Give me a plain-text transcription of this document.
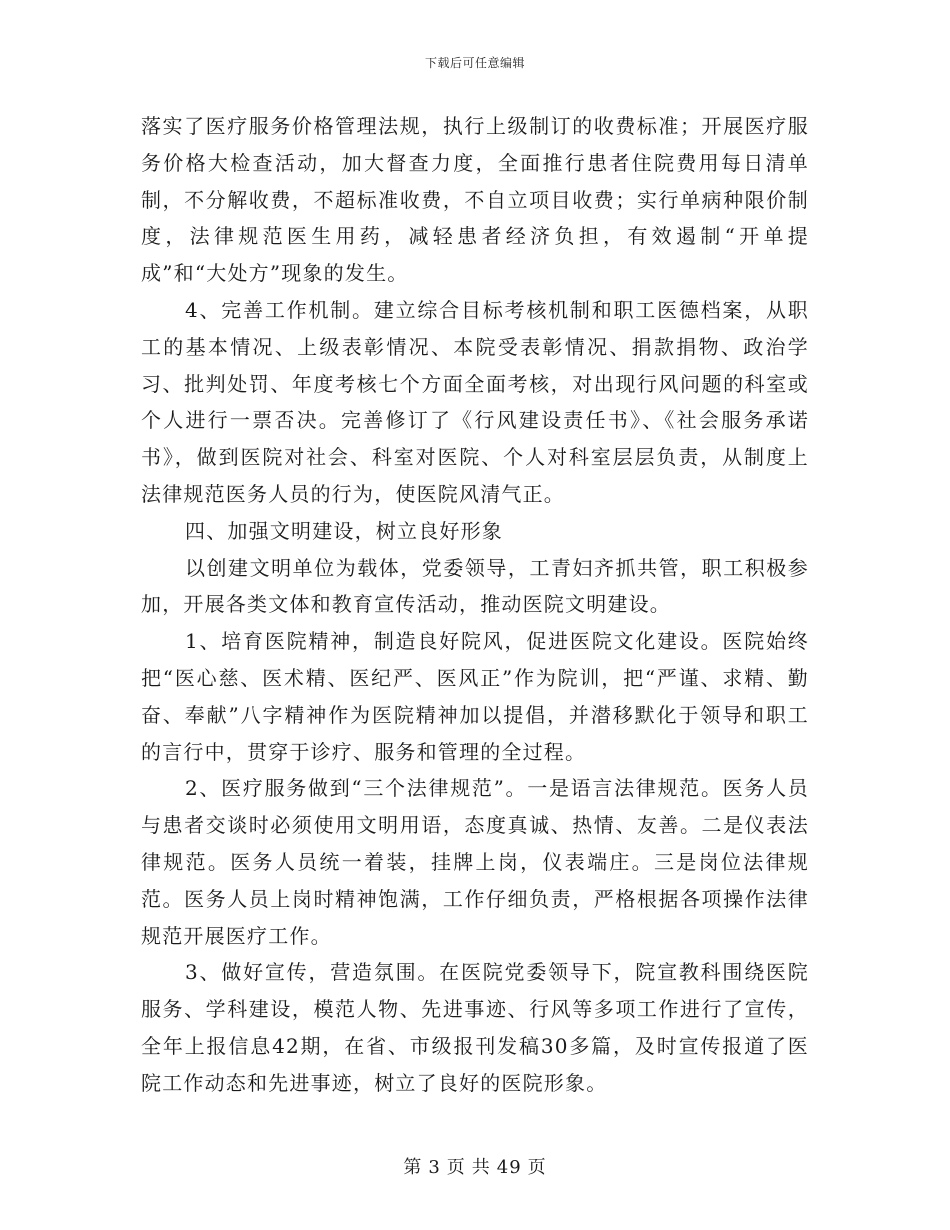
下载后可任意编辑

落实了医疗服务价格管理法规，执行上级制订的收费标准；开展医疗服务价格大检查活动，加大督查力度，全面推行患者住院费用每日清单制，不分解收费，不超标准收费，不自立项目收费；实行单病种限价制度，法律规范医生用药，减轻患者经济负担，有效遏制“开单提成”和“大处方”现象的发生。

4、完善工作机制。建立综合目标考核机制和职工医德档案，从职工的基本情况、上级表彰情况、本院受表彰情况、捐款捐物、政治学习、批判处罚、年度考核七个方面全面考核，对出现行风问题的科室或个人进行一票否决。完善修订了《行风建设责任书》、《社会服务承诺书》，做到医院对社会、科室对医院、个人对科室层层负责，从制度上法律规范医务人员的行为，使医院风清气正。

四、加强文明建设，树立良好形象

以创建文明单位为载体，党委领导，工青妇齐抓共管，职工积极参加，开展各类文体和教育宣传活动，推动医院文明建设。

1、培育医院精神，制造良好院风，促进医院文化建设。医院始终把“医心慈、医术精、医纪严、医风正”作为院训，把“严谨、求精、勤奋、奉献”八字精神作为医院精神加以提倡，并潜移默化于领导和职工的言行中，贯穿于诊疗、服务和管理的全过程。

2、医疗服务做到“三个法律规范”。一是语言法律规范。医务人员与患者交谈时必须使用文明用语，态度真诚、热情、友善。二是仪表法律规范。医务人员统一着装，挂牌上岗，仪表端庄。三是岗位法律规范。医务人员上岗时精神饱满，工作仔细负责，严格根据各项操作法律规范开展医疗工作。

3、做好宣传，营造氛围。在医院党委领导下，院宣教科围绕医院服务、学科建设，模范人物、先进事迹、行风等多项工作进行了宣传，全年上报信息42期，在省、市级报刊发稿30多篇，及时宣传报道了医院工作动态和先进事迹，树立了良好的医院形象。

第 3 页 共 49 页
